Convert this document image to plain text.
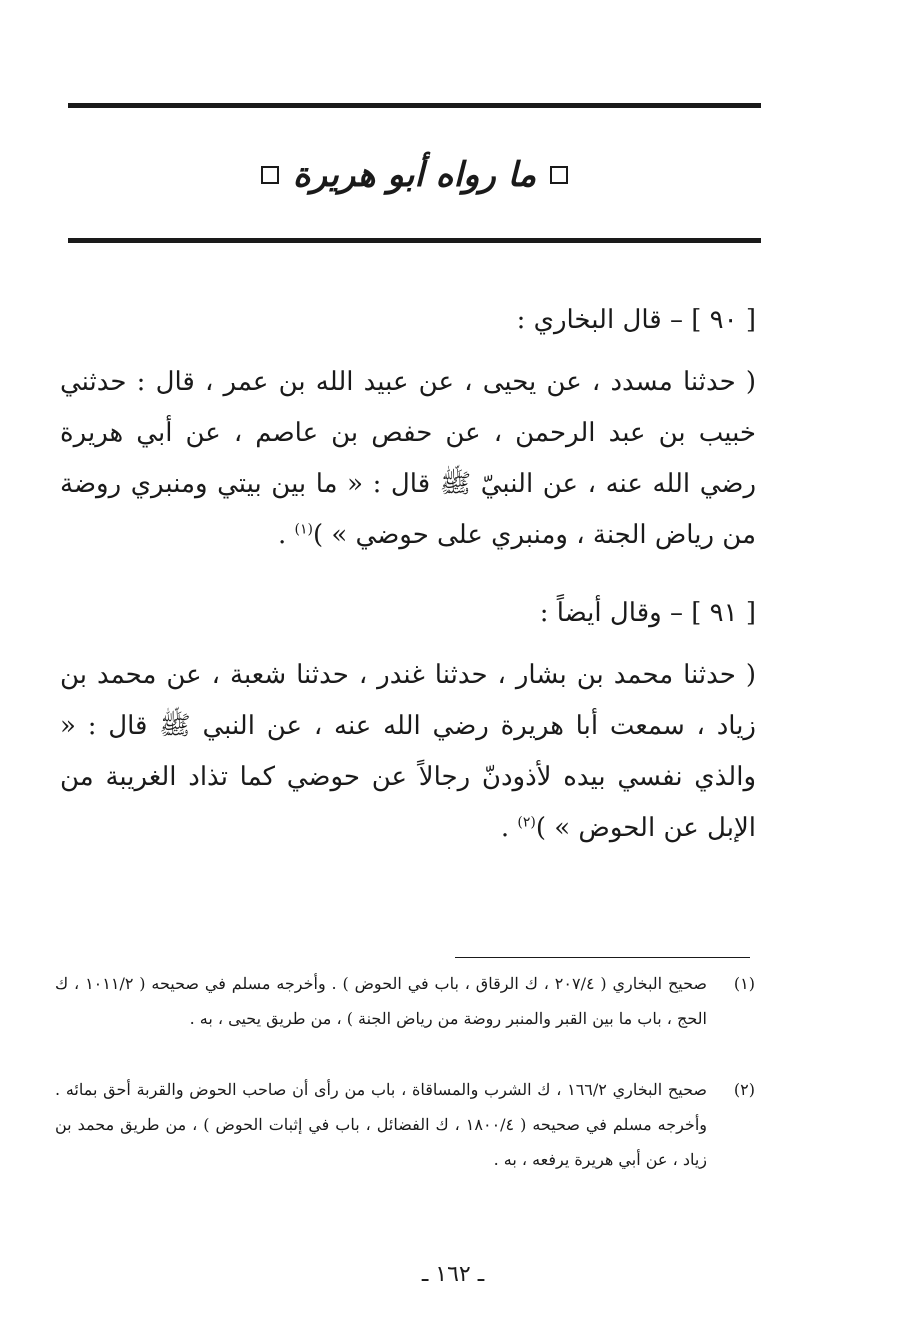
ما رواه أبو هريرة
[ ٩٠ ] – قال البخاري :
( حدثنا مسدد ، عن يحيى ، عن عبيد الله بن عمر ، قال : حدثني خبيب بن عبد الرحمن ، عن حفص بن عاصم ، عن أبي هريرة رضي الله عنه ، عن النبيّ ﷺ قال : « ما بين بيتي ومنبري روضة من رياض الجنة ، ومنبري على حوضي » )$^{(١)}$ .
[ ٩١ ] – وقال أيضاً :
( حدثنا محمد بن بشار ، حدثنا غندر ، حدثنا شعبة ، عن محمد بن زياد ، سمعت أبا هريرة رضي الله عنه ، عن النبي ﷺ قال : « والذي نفسي بيده لأذودنّ رجالاً عن حوضي كما تذاد الغريبة من الإبل عن الحوض » )$^{(٢)}$ .
(١)
صحيح البخاري ( ٢٠٧/٤ ، ك الرقاق ، باب في الحوض ) . وأخرجه مسلم في صحيحه ( ١٠١١/٢ ، ك الحج ، باب ما بين القبر والمنبر روضة من رياض الجنة ) ، من طريق يحيى ، به .
(٢)
صحيح البخاري ١٦٦/٢ ، ك الشرب والمساقاة ، باب من رأى أن صاحب الحوض والقربة أحق بمائه . وأخرجه مسلم في صحيحه ( ١٨٠٠/٤ ، ك الفضائل ، باب في إثبات الحوض ) ، من طريق محمد بن زياد ، عن أبي هريرة يرفعه ، به .
ـ ١٦٢ ـ
